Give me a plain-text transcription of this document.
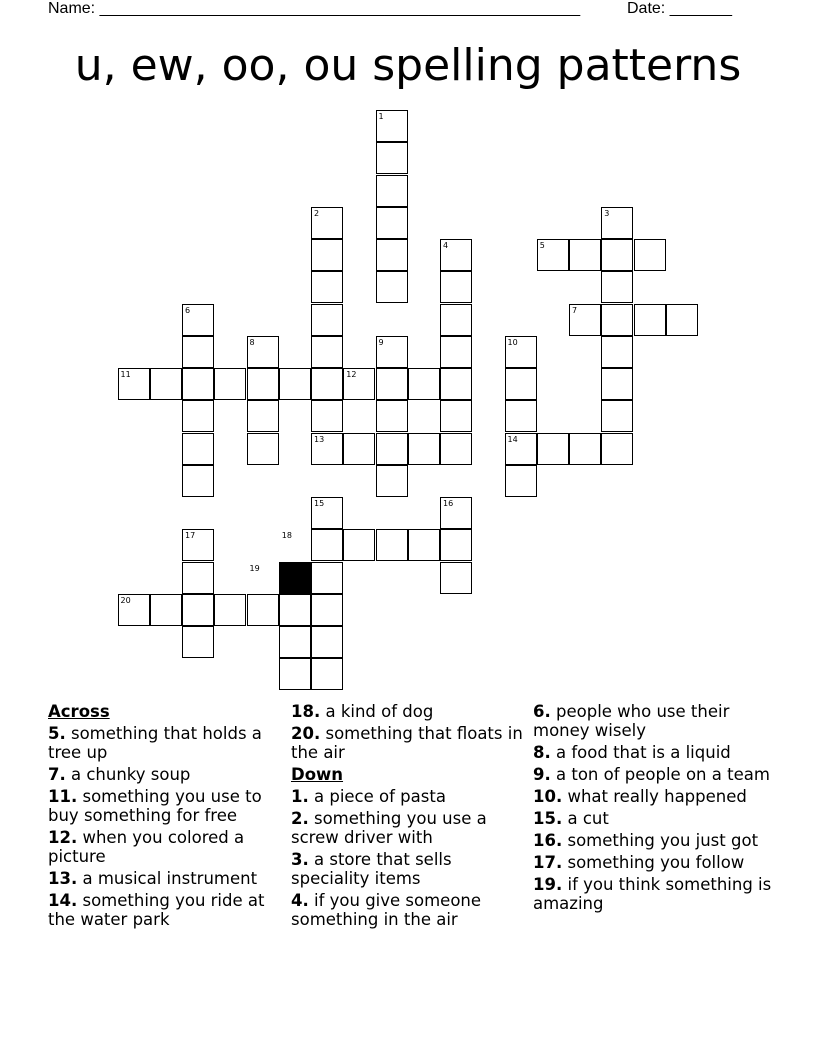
Name: ______________________________________________________	Date: _______
u, ew, oo, ou spelling patterns
1
2	3
4	5
6	7
8	9	10
11	12
13	14
15	16
17	18
19
20
Across
5. something that holds a tree up
7. a chunky soup
11. something you use to buy something for free
12. when you colored a picture
13. a musical instrument
14. something you ride at the water park
18. a kind of dog
20. something that floats in the air
Down
1. a piece of pasta
2. something you use a screw driver with
3. a store that sells speciality items
4. if you give someone something in the air
6. people who use their money wisely
8. a food that is a liquid
9. a ton of people on a team
10. what really happened
15. a cut
16. something you just got
17. something you follow
19. if you think something is amazing
